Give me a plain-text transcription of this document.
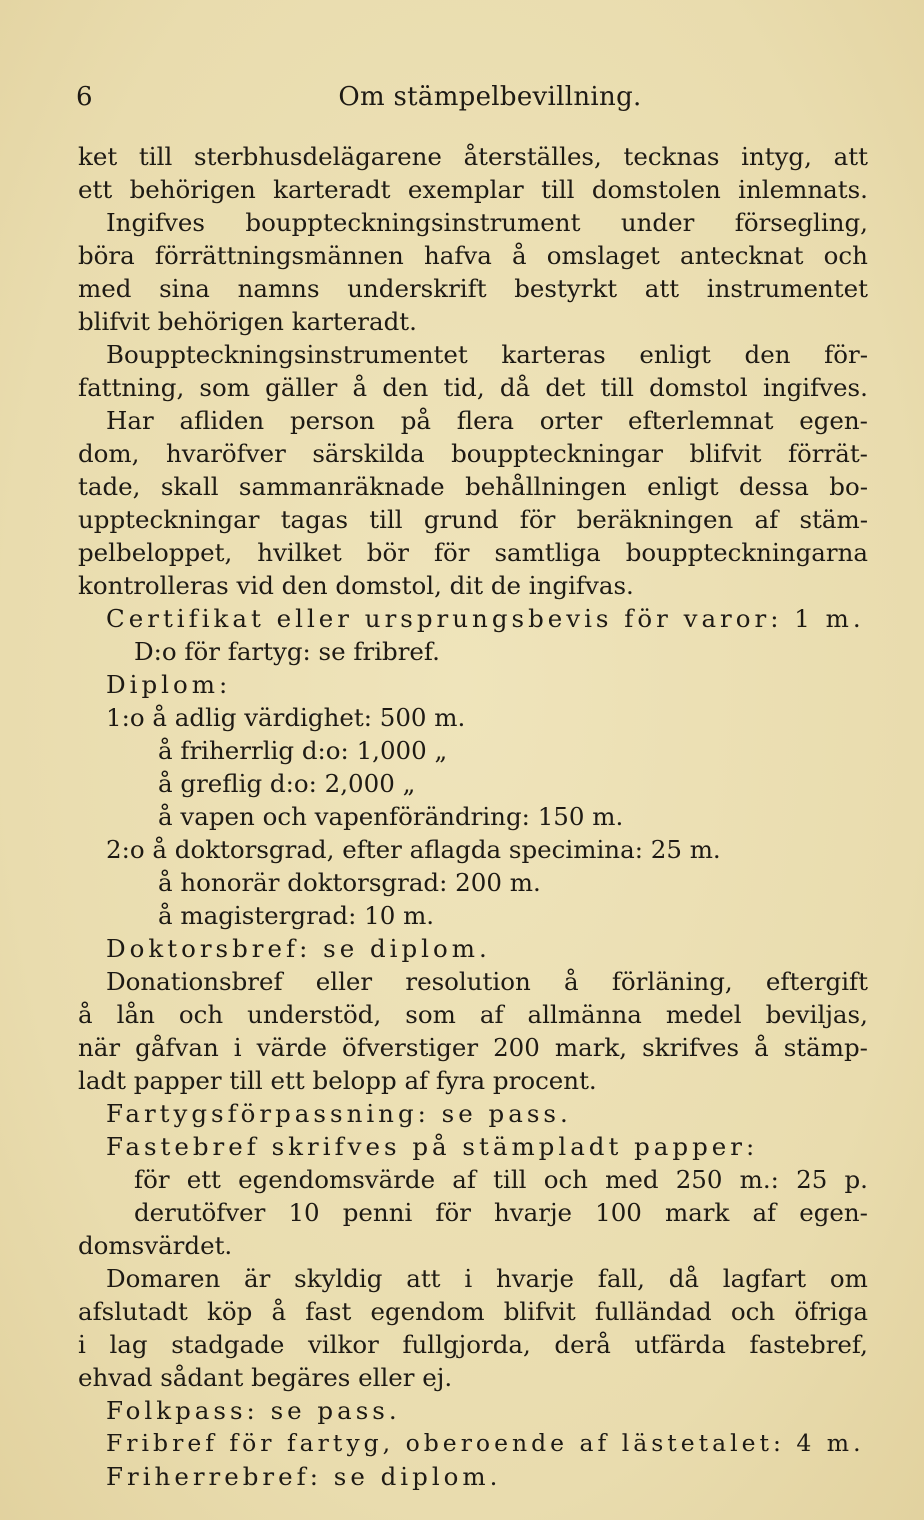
6	Om stämpelbevillning.
ket till sterbhusdelägarene återställes, tecknas intyg, att
ett behörigen karteradt exemplar till domstolen inlemnats.
Ingifves bouppteckningsinstrument under försegling,
böra förrättningsmännen hafva å omslaget antecknat och
med sina namns underskrift bestyrkt att instrumentet
blifvit behörigen karteradt.
Bouppteckningsinstrumentet karteras enligt den för-
fattning, som gäller å den tid, då det till domstol ingifves.
Har afliden person på flera orter efterlemnat egen-
dom, hvaröfver särskilda bouppteckningar blifvit förrät-
tade, skall sammanräknade behållningen enligt dessa bo-
uppteckningar tagas till grund för beräkningen af stäm-
pelbeloppet, hvilket bör för samtliga bouppteckningarna
kontrolleras vid den domstol, dit de ingifvas.
Certifikat eller ursprungsbevis för varor: 1 m.
D:o för fartyg: se fribref.
Diplom:
1:o å adlig värdighet: 500 m.
å friherrlig d:o: 1,000 „
å greflig d:o: 2,000 „
å vapen och vapenförändring: 150 m.
2:o å doktorsgrad, efter aflagda specimina: 25 m.
å honorär doktorsgrad: 200 m.
å magistergrad: 10 m.
Doktorsbref: se diplom.
Donationsbref eller resolution å förläning, eftergift
å lån och understöd, som af allmänna medel beviljas,
när gåfvan i värde öfverstiger 200 mark, skrifves å stämp-
ladt papper till ett belopp af fyra procent.
Fartygsförpassning: se pass.
Fastebref skrifves på stämpladt papper:
för ett egendomsvärde af till och med 250 m.: 25 p.
derutöfver 10 penni för hvarje 100 mark af egen-
domsvärdet.
Domaren är skyldig att i hvarje fall, då lagfart om
afslutadt köp å fast egendom blifvit fulländad och öfriga
i lag stadgade vilkor fullgjorda, derå utfärda fastebref,
ehvad sådant begäres eller ej.
Folkpass: se pass.
Fribref för fartyg, oberoende af lästetalet: 4 m.
Friherrebref: se diplom.
